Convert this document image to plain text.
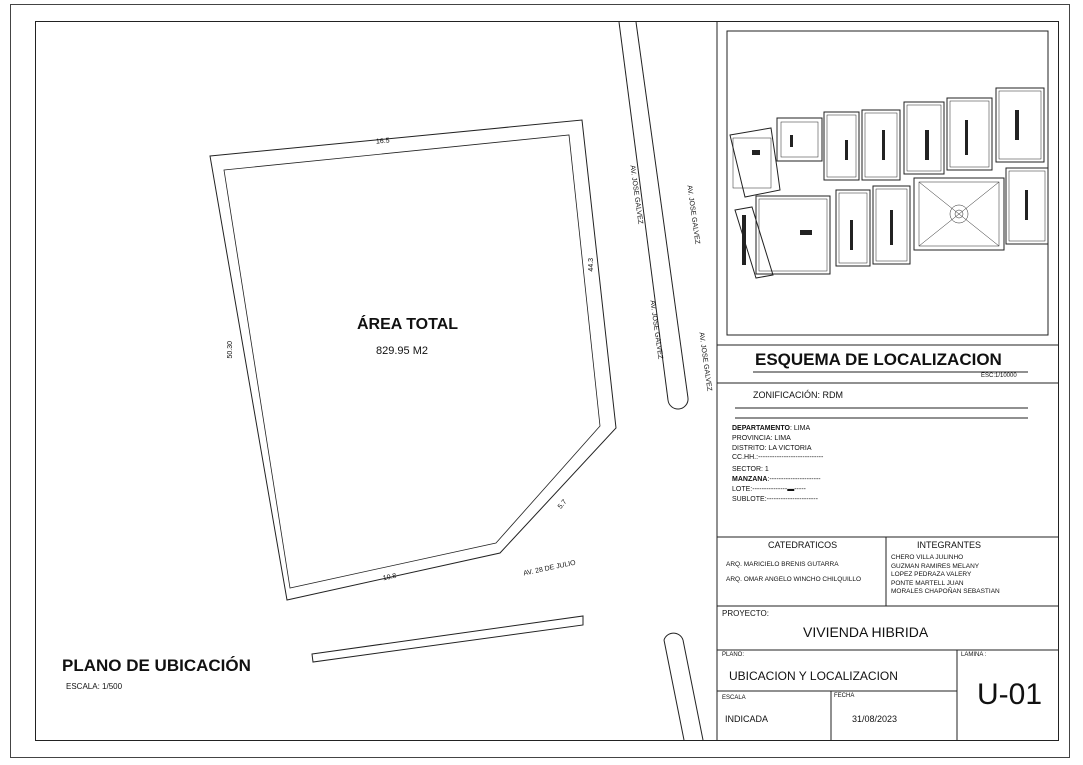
PLANO DE UBICACIÓN
ESCALA: 1/500
ÁREA TOTAL
829.95 M2
16.5
50.30
44.3
5.7
10.8
AV. JOSE GALVEZ	AV. JOSE GALVEZ
AV. JOSE GALVEZ
AV. JOSE GALVEZ
AV. 28 DE JULIO
ESQUEMA DE LOCALIZACION
ESC:1/10000
ZONIFICACIÓN: RDM
DEPARTAMENTO: LIMA
PROVINCIA: LIMA
DISTRITO: LA VICTORIA
CC.HH.:----------------------------
SECTOR: 1
MANZANA:----------------------
LOTE:---------------▬-----
SUBLOTE:----------------------
CATEDRATICOS
ARQ. MARICIELO BRENIS GUTARRA
ARQ. OMAR ANGELO WINCHO CHILQUILLO
INTEGRANTES
CHERO VILLA JULINHO
GUZMAN RAMIRES MELANY
LOPEZ PEDRAZA VALERY
PONTE MARTELL JUAN
MORALES CHAPOÑAN SEBASTIAN
PROYECTO:
VIVIENDA HIBRIDA
PLANO:
UBICACION Y LOCALIZACION
LAMINA :
U-01
ESCALA
INDICADA
FECHA
31/08/2023
